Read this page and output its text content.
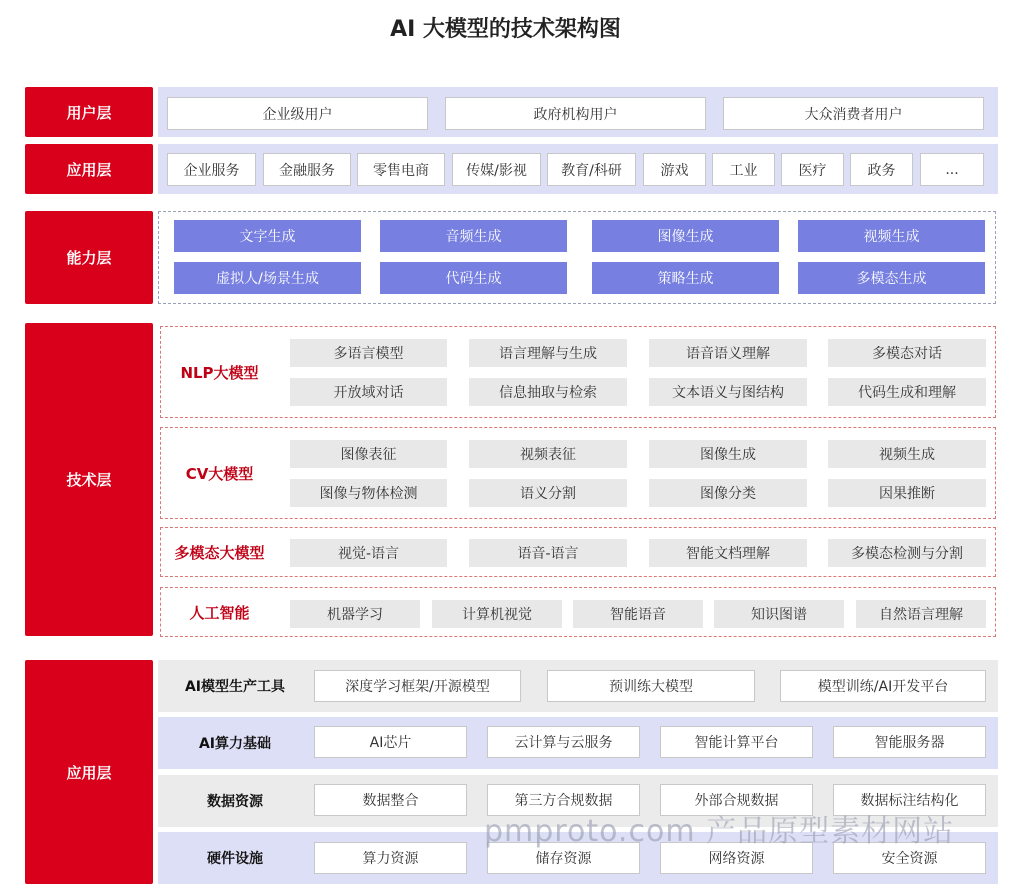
AI 大模型的技术架构图
用户层	企业级用户	政府机构用户	大众消费者用户
应用层	企业服务	金融服务	零售电商	传媒/影视	教育/科研	游戏	工业	医疗	政务	...
能力层
文字生成	音频生成	图像生成	视频生成
虚拟人/场景生成	代码生成	策略生成	多模态生成
技术层
NLP大模型
多语言模型	语言理解与生成	语音语义理解	多模态对话
开放域对话	信息抽取与检索	文本语义与图结构	代码生成和理解
CV大模型
图像表征	视频表征	图像生成	视频生成
图像与物体检测	语义分割	图像分类	因果推断
多模态大模型	视觉-语言	语音-语言	智能文档理解	多模态检测与分割
人工智能	机器学习	计算机视觉	智能语音	知识图谱	自然语言理解
应用层
AI模型生产工具	深度学习框架/开源模型	预训练大模型	模型训练/AI开发平台
AI算力基础	AI芯片	云计算与云服务	智能计算平台	智能服务器
数据资源	数据整合	第三方合规数据	外部合规数据	数据标注结构化
硬件设施	算力资源	储存资源	网络资源	安全资源
pmproto.com 产品原型素材网站
